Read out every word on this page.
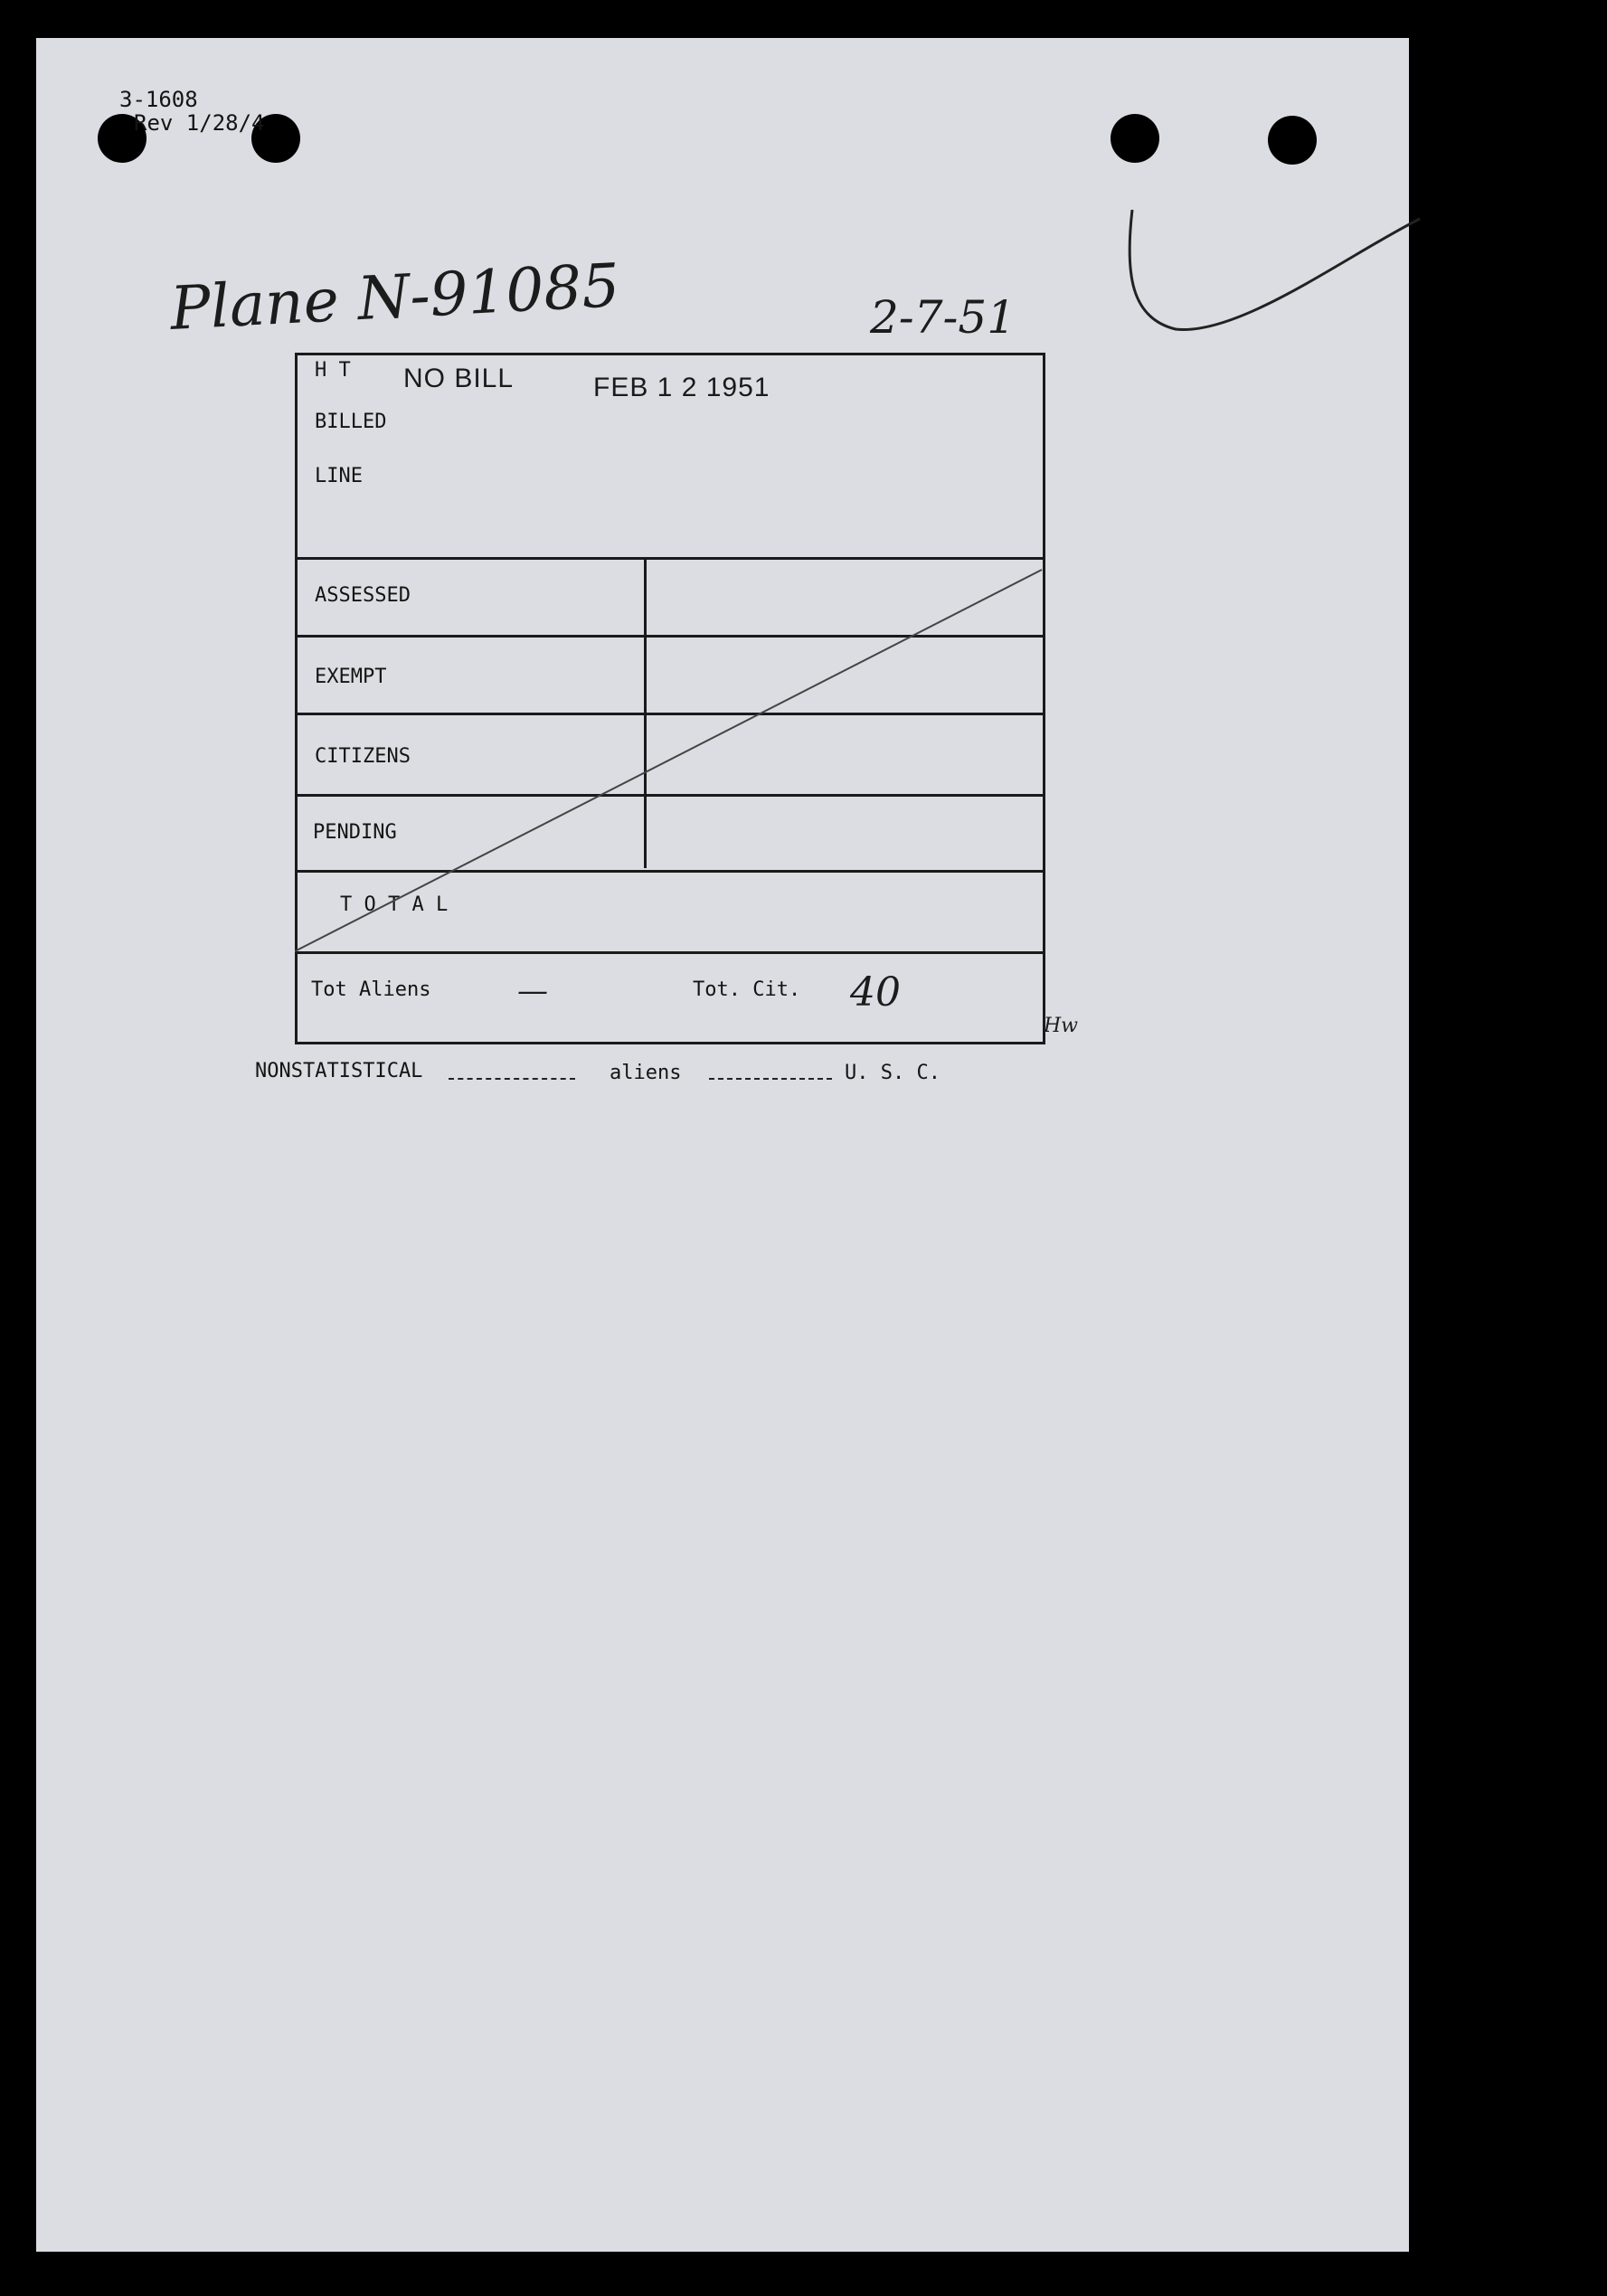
3-1608
Rev 1/28/4
Plane N-91085	2-7-51
H T NO BILL	FEB 1 2 1951
BILLED
LINE
ASSESSED
EXEMPT
CITIZENS
PENDING
T O T A L
Tot Aliens	—	Tot. Cit. 40
Hw
NONSTATISTICAL	aliens	U. S. C.
